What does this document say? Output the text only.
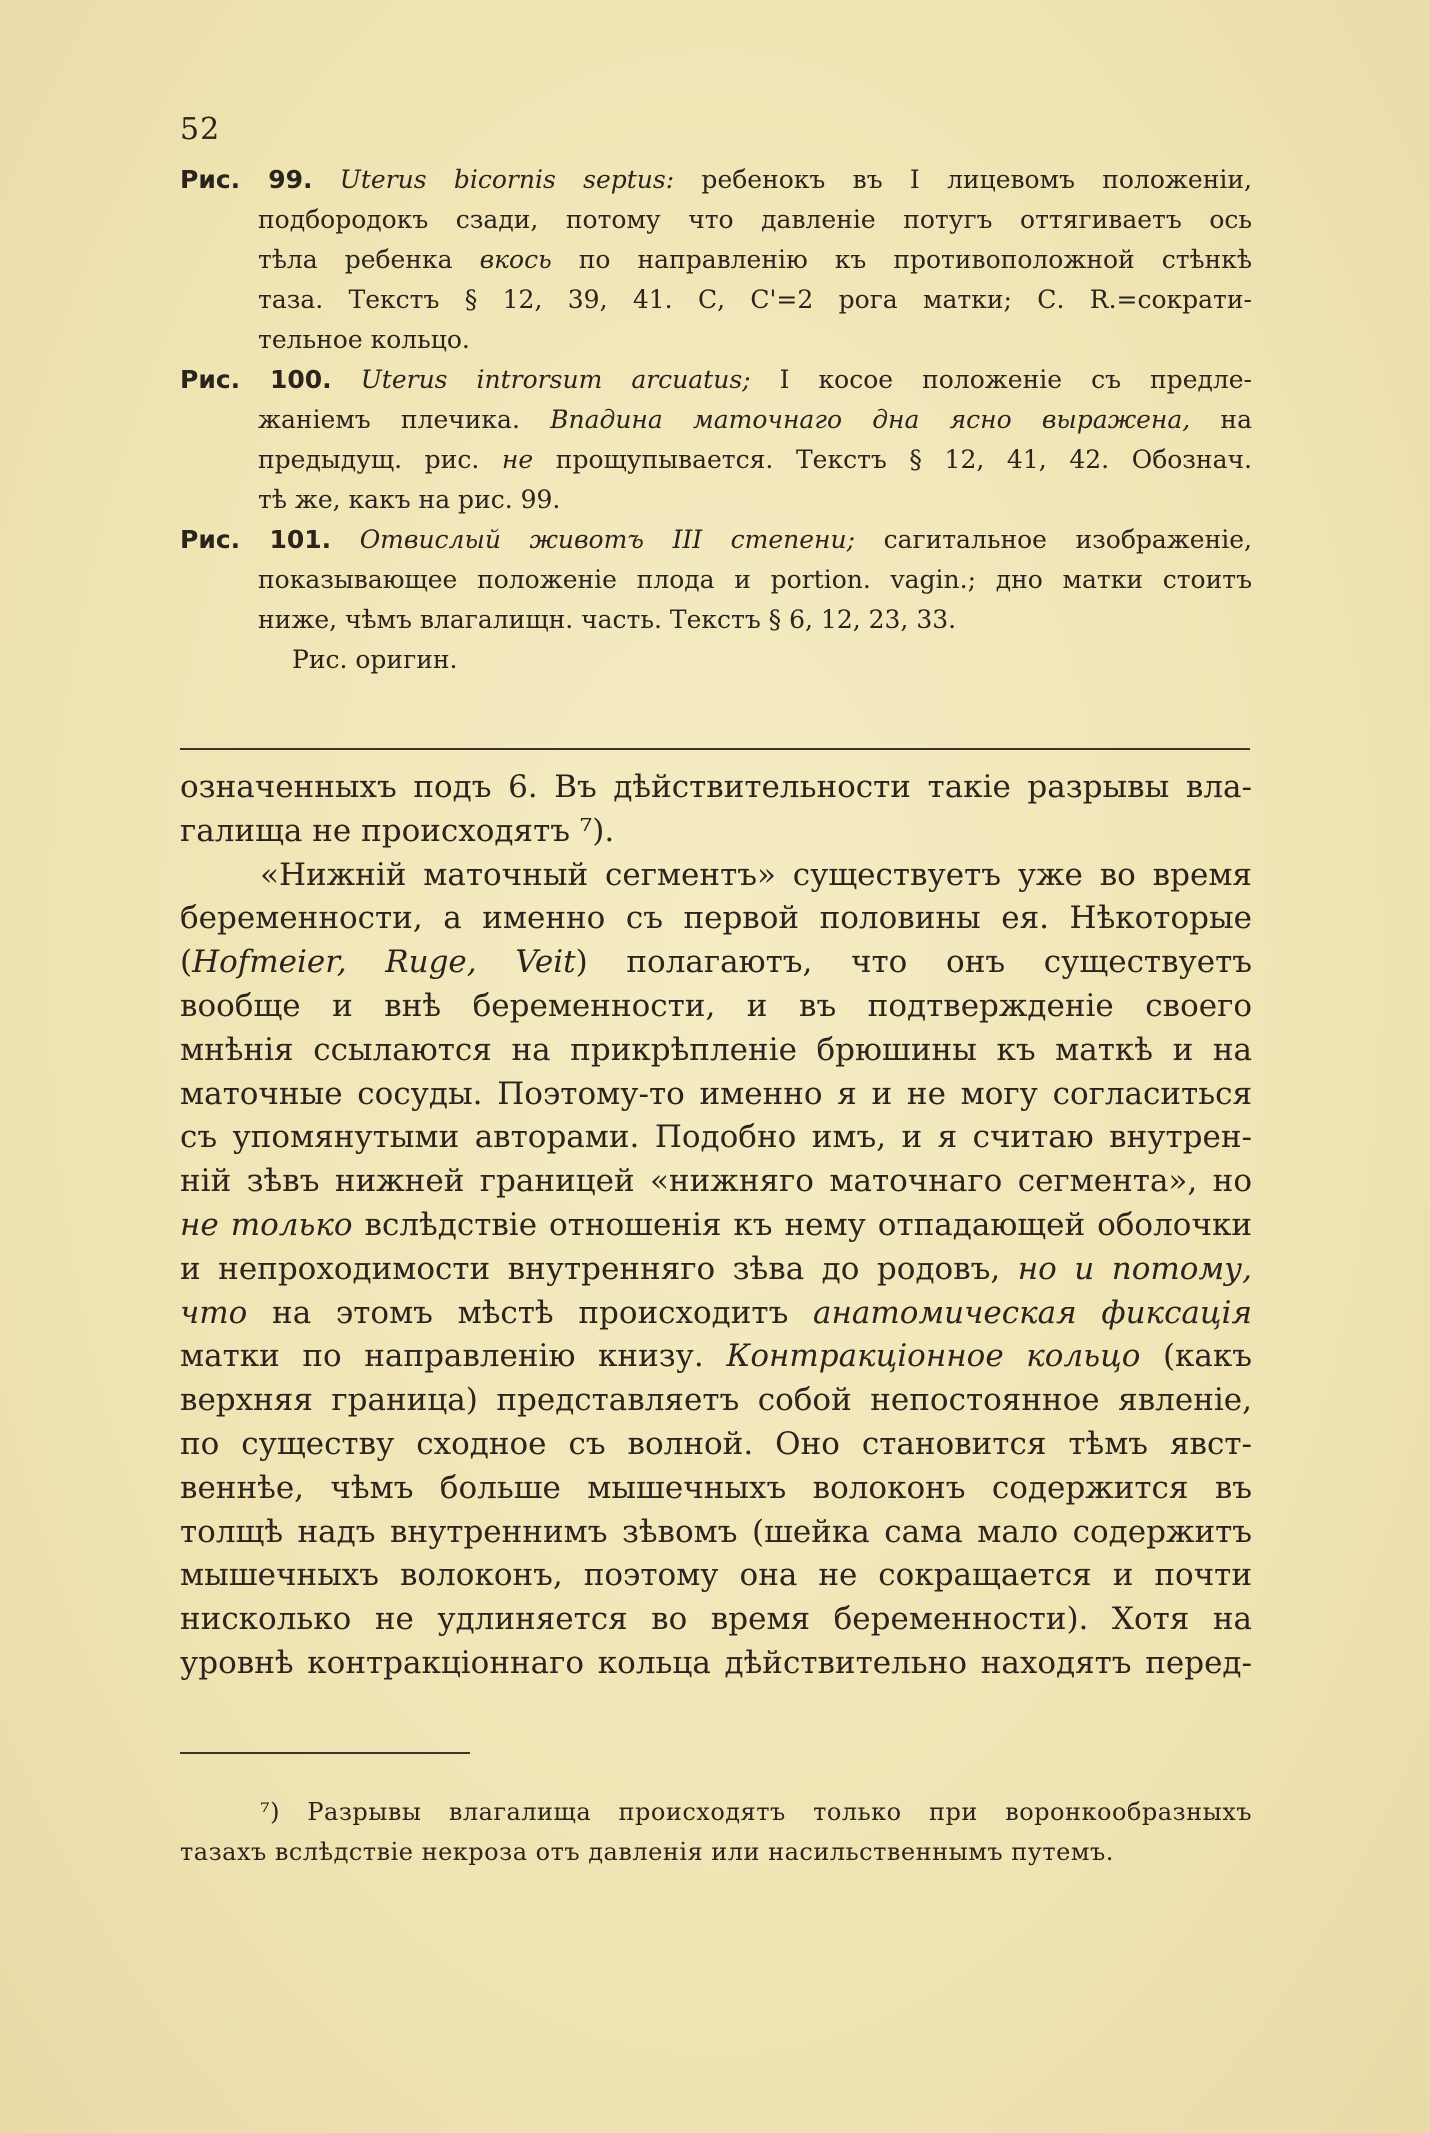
52
Рис. 99. Uterus bicornis septus: ребенокъ въ I лицевомъ положеніи,
подбородокъ сзади, потому что давленіе потугъ оттягиваетъ ось
тѣла ребенка вкось по направленію къ противоположной стѣнкѣ
таза. Текстъ § 12, 39, 41. С, С'=2 рога матки; С. R.=сократи-
тельное кольцо.
Рис. 100. Uterus introrsum arcuatus; I косое положеніе съ предле-
жаніемъ плечика. Впадина маточнаго дна ясно выражена, на
предыдущ. рис. не прощупывается. Текстъ § 12, 41, 42. Обознач.
тѣ же, какъ на рис. 99.
Рис. 101. Отвислый животъ III степени; сагитальное изображеніе,
показывающее положеніе плода и portion. vagin.; дно матки стоитъ
ниже, чѣмъ влагалищн. часть. Текстъ § 6, 12, 23, 33.
Рис. оригин.
означенныхъ подъ 6. Въ дѣйствительности такіе разрывы вла-
галища не происходятъ ⁷).
«Нижній маточный сегментъ» существуетъ уже во время
беременности, а именно съ первой половины ея. Нѣкоторые
(Hofmeier, Ruge, Veit) полагаютъ, что онъ существуетъ
вообще и внѣ беременности, и въ подтвержденіе своего
мнѣнія ссылаются на прикрѣпленіе брюшины къ маткѣ и на
маточные сосуды. Поэтому-то именно я и не могу согласиться
съ упомянутыми авторами. Подобно имъ, и я считаю внутрен-
ній зѣвъ нижней границей «нижняго маточнаго сегмента», но
не только вслѣдствіе отношенія къ нему отпадающей оболочки
и непроходимости внутренняго зѣва до родовъ, но и потому,
что на этомъ мѣстѣ происходитъ анатомическая фиксація
матки по направленію книзу. Контракціонное кольцо (какъ
верхняя граница) представляетъ собой непостоянное явленіе,
по существу сходное съ волной. Оно становится тѣмъ явст-
веннѣе, чѣмъ больше мышечныхъ волоконъ содержится въ
толщѣ надъ внутреннимъ зѣвомъ (шейка сама мало содержитъ
мышечныхъ волоконъ, поэтому она не сокращается и почти
нисколько не удлиняется во время беременности). Хотя на
уровнѣ контракціоннаго кольца дѣйствительно находятъ перед-
⁷) Разрывы влагалища происходятъ только при воронкообразныхъ
тазахъ вслѣдствіе некроза отъ давленія или насильственнымъ путемъ.
